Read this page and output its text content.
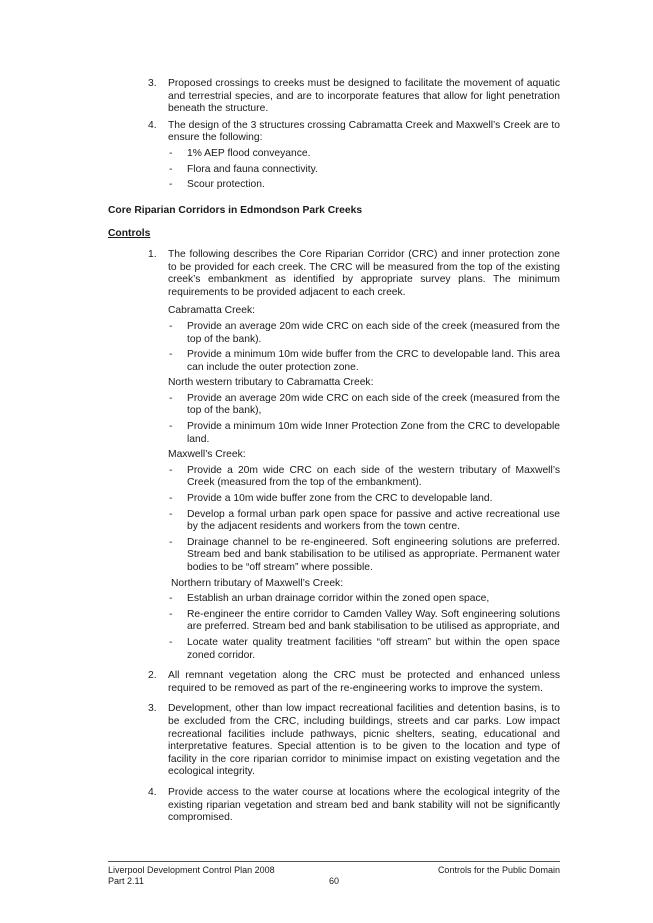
3. Proposed crossings to creeks must be designed to facilitate the movement of aquatic and terrestrial species, and are to incorporate features that allow for light penetration beneath the structure.
4. The design of the 3 structures crossing Cabramatta Creek and Maxwell’s Creek are to ensure the following:
- 1% AEP flood conveyance.
- Flora and fauna connectivity.
- Scour protection.
Core Riparian Corridors in Edmondson Park Creeks
Controls
1. The following describes the Core Riparian Corridor (CRC) and inner protection zone to be provided for each creek. The CRC will be measured from the top of the existing creek’s embankment as identified by appropriate survey plans. The minimum requirements to be provided adjacent to each creek.
Cabramatta Creek:
- Provide an average 20m wide CRC on each side of the creek (measured from the top of the bank).
- Provide a minimum 10m wide buffer from the CRC to developable land. This area can include the outer protection zone.
North western tributary to Cabramatta Creek:
- Provide an average 20m wide CRC on each side of the creek (measured from the top of the bank),
- Provide a minimum 10m wide Inner Protection Zone from the CRC to developable land.
Maxwell’s Creek:
- Provide a 20m wide CRC on each side of the western tributary of Maxwell’s Creek (measured from the top of the embankment).
- Provide a 10m wide buffer zone from the CRC to developable land.
- Develop a formal urban park open space for passive and active recreational use by the adjacent residents and workers from the town centre.
- Drainage channel to be re-engineered. Soft engineering solutions are preferred. Stream bed and bank stabilisation to be utilised as appropriate. Permanent water bodies to be “off stream” where possible.
Northern tributary of Maxwell’s Creek:
- Establish an urban drainage corridor within the zoned open space,
- Re-engineer the entire corridor to Camden Valley Way. Soft engineering solutions are preferred. Stream bed and bank stabilisation to be utilised as appropriate, and
- Locate water quality treatment facilities “off stream” but within the open space zoned corridor.
2. All remnant vegetation along the CRC must be protected and enhanced unless required to be removed as part of the re-engineering works to improve the system.
3. Development, other than low impact recreational facilities and detention basins, is to be excluded from the CRC, including buildings, streets and car parks. Low impact recreational facilities include pathways, picnic shelters, seating, educational and interpretative features. Special attention is to be given to the location and type of facility in the core riparian corridor to minimise impact on existing vegetation and the ecological integrity.
4. Provide access to the water course at locations where the ecological integrity of the existing riparian vegetation and stream bed and bank stability will not be significantly compromised.
Liverpool Development Control Plan 2008	Controls for the Public Domain
Part 2.11	60
